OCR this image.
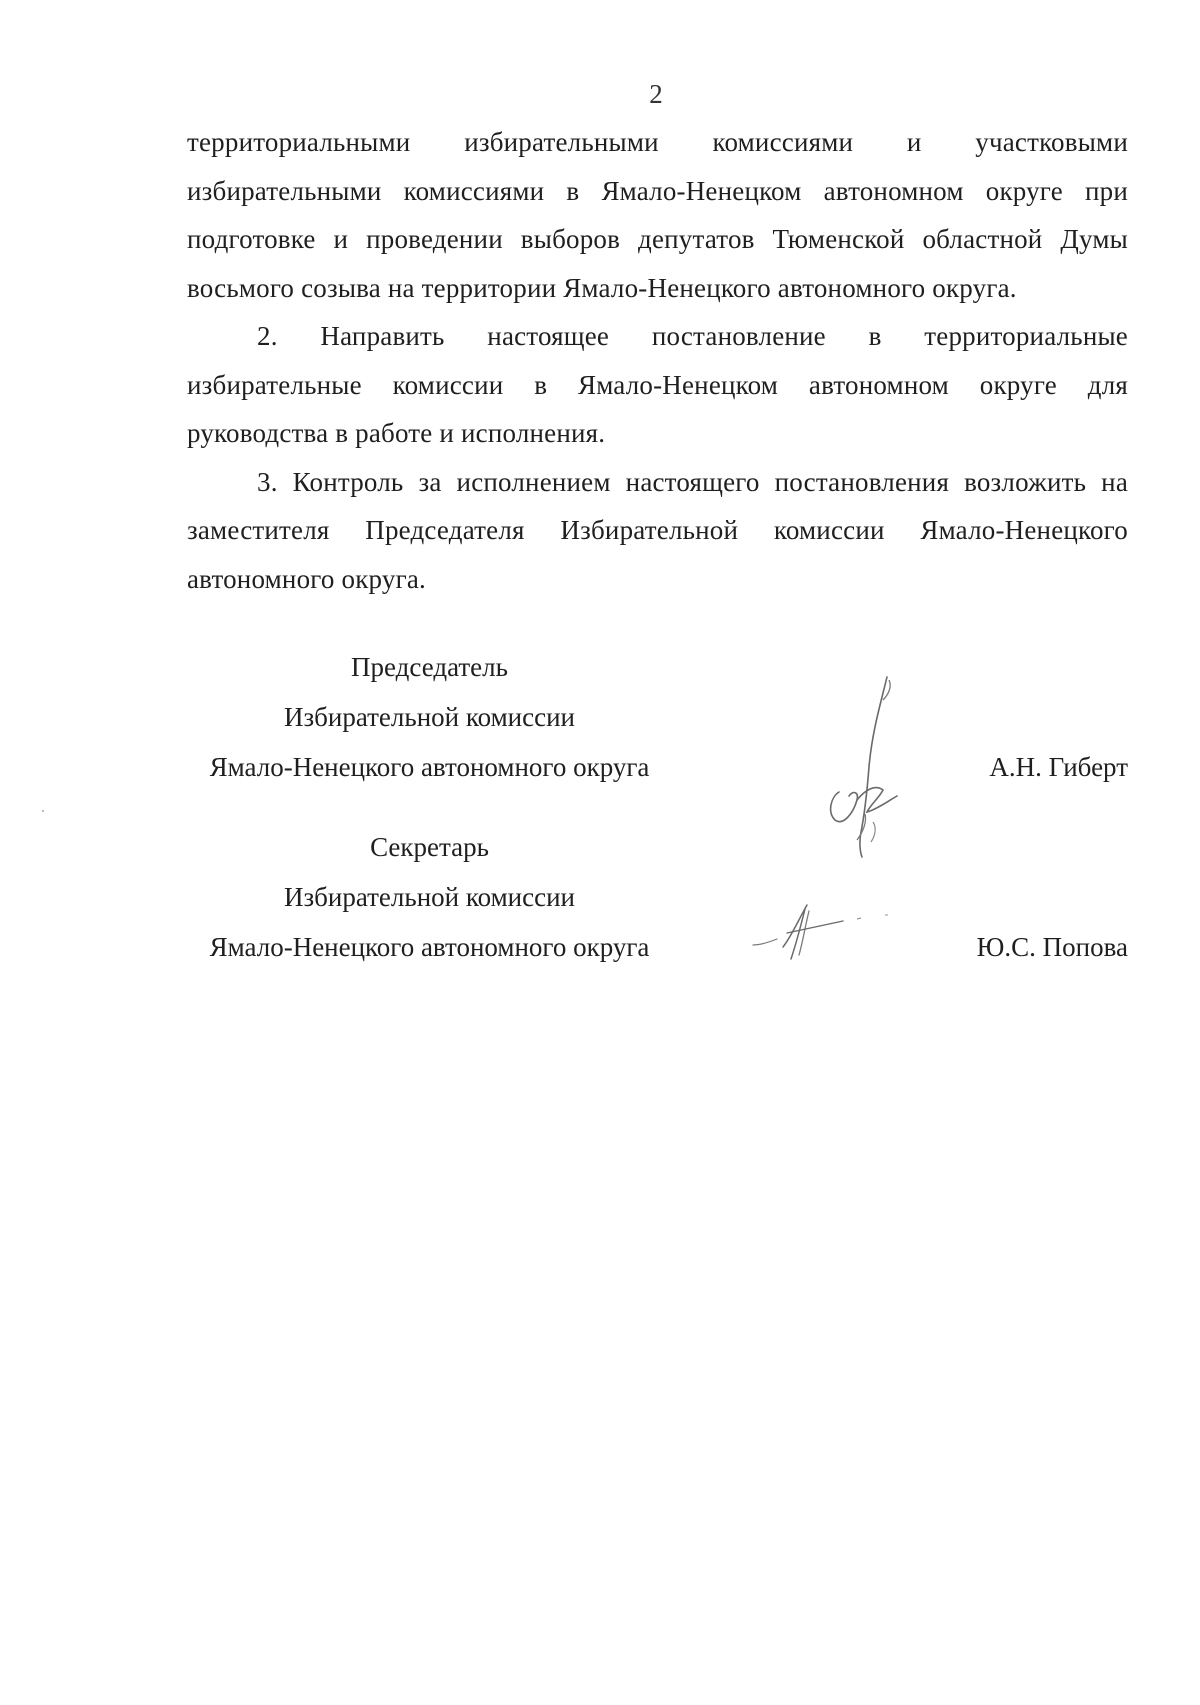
2

территориальными избирательными комиссиями и участковыми избирательными комиссиями в Ямало-Ненецком автономном округе при подготовке и проведении выборов депутатов Тюменской областной Думы восьмого созыва на территории Ямало-Ненецкого автономного округа.

2. Направить настоящее постановление в территориальные избирательные комиссии в Ямало-Ненецком автономном округе для руководства в работе и исполнения.

3. Контроль за исполнением настоящего постановления возложить на заместителя Председателя Избирательной комиссии Ямало-Ненецкого автономного округа.

Председатель
Избирательной комиссии
Ямало-Ненецкого автономного округа	А.Н. Гиберт
Секретарь
Избирательной комиссии
Ямало-Ненецкого автономного округа	Ю.С. Попова
